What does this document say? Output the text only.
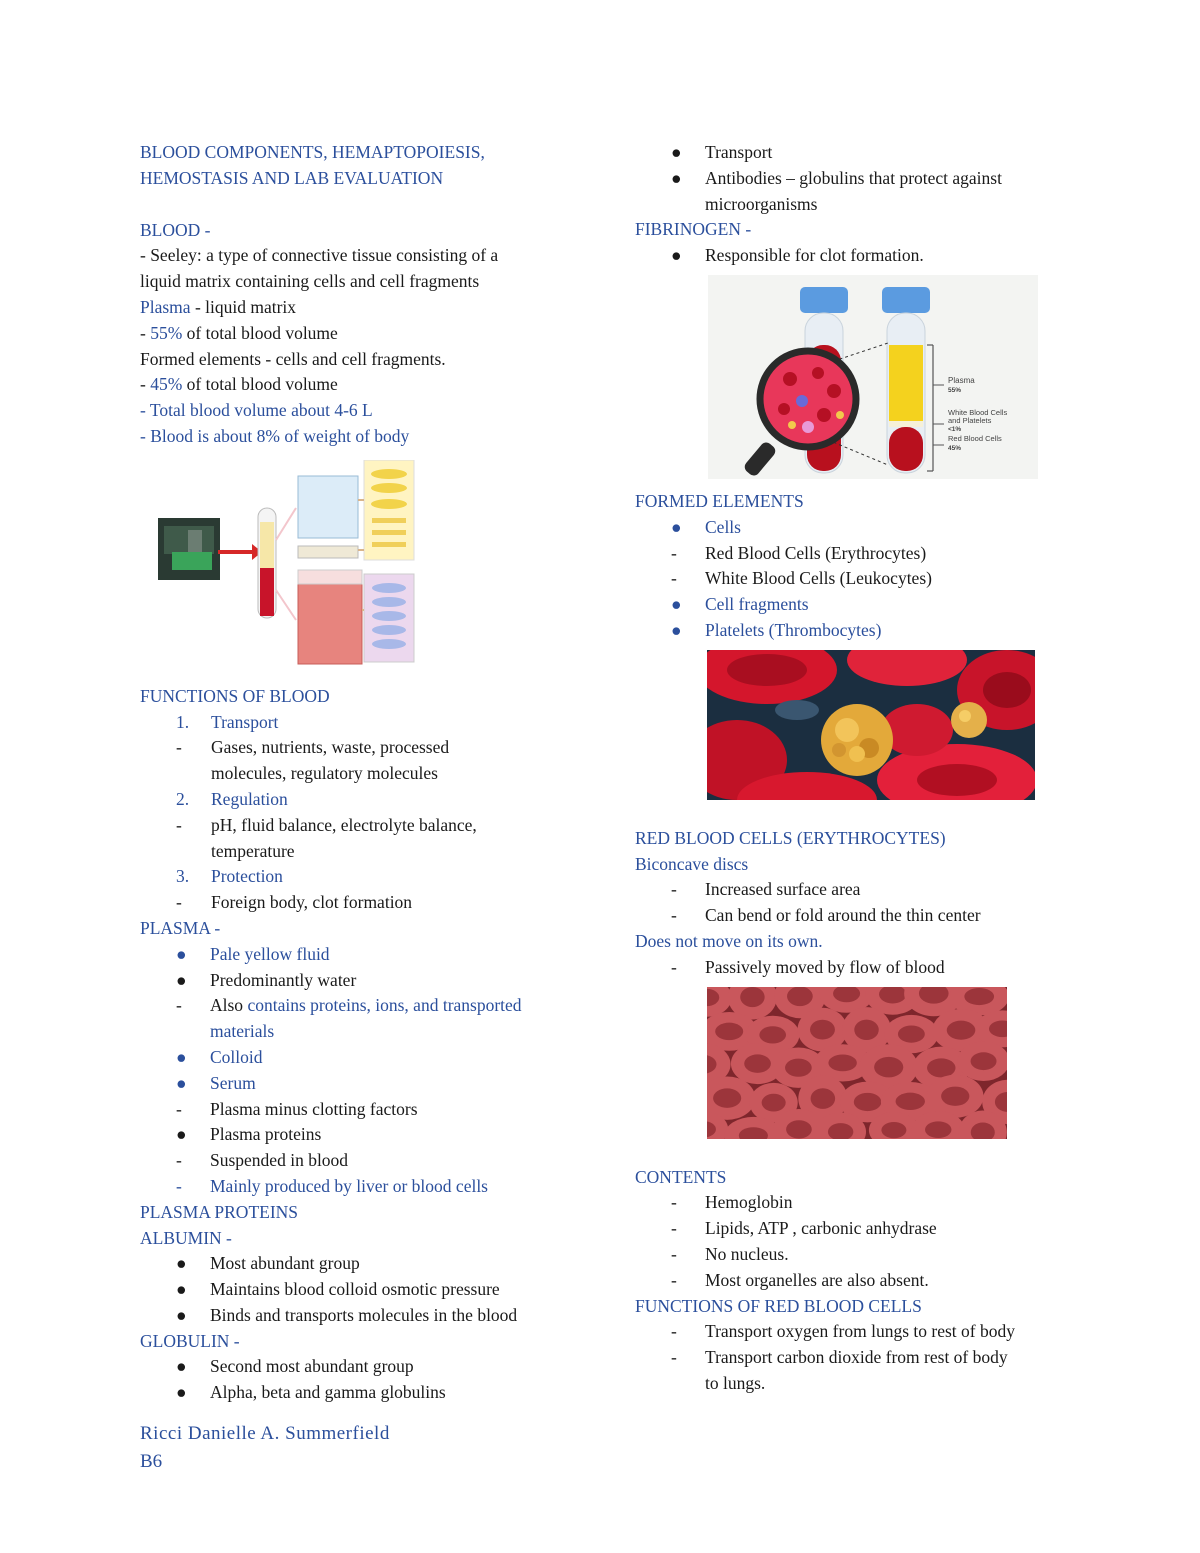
BLOOD COMPONENTS, HEMAPTOPOIESIS,
HEMOSTASIS AND LAB EVALUATION
BLOOD -
- Seeley: a type of connective tissue consisting of a
liquid matrix containing cells and cell fragments
Plasma - liquid matrix
- 55% of total blood volume
Formed elements - cells and cell fragments.
- 45% of total blood volume
- Total blood volume about 4-6 L
- Blood is about 8% of weight of body
FUNCTIONS OF BLOOD
1.	Transport
-	Gases, nutrients, waste, processed
molecules, regulatory molecules
2.	Regulation
-	pH, fluid balance, electrolyte balance,
temperature
3.	Protection
-	Foreign body, clot formation
PLASMA -
●	Pale yellow fluid
●	Predominantly water
-	Also contains proteins, ions, and transported
materials
●	Colloid
●	Serum
-	Plasma minus clotting factors
●	Plasma proteins
-	Suspended in blood
-	Mainly produced by liver or blood cells
PLASMA PROTEINS
ALBUMIN -
●	Most abundant group
●	Maintains blood colloid osmotic pressure
●	Binds and transports molecules in the blood
GLOBULIN -
●	Second most abundant group
●	Alpha, beta and gamma globulins
Ricci Danielle A. Summerfield
B6
●	Transport
●	Antibodies – globulins that protect against
microorganisms
FIBRINOGEN -
●	Responsible for clot formation.
Plasma
55%
White Blood Cells
and Platelets
<1%
Red Blood Cells
45%
FORMED ELEMENTS
●	Cells
-	Red Blood Cells (Erythrocytes)
-	White Blood Cells (Leukocytes)
●	Cell fragments
●	Platelets (Thrombocytes)
RED BLOOD CELLS (ERYTHROCYTES)
Biconcave discs
-	Increased surface area
-	Can bend or fold around the thin center
Does not move on its own.
-	Passively moved by flow of blood
CONTENTS
-	Hemoglobin
-	Lipids, ATP , carbonic anhydrase
-	No nucleus.
-	Most organelles are also absent.
FUNCTIONS OF RED BLOOD CELLS
-	Transport oxygen from lungs to rest of body
-	Transport carbon dioxide from rest of body
to lungs.
